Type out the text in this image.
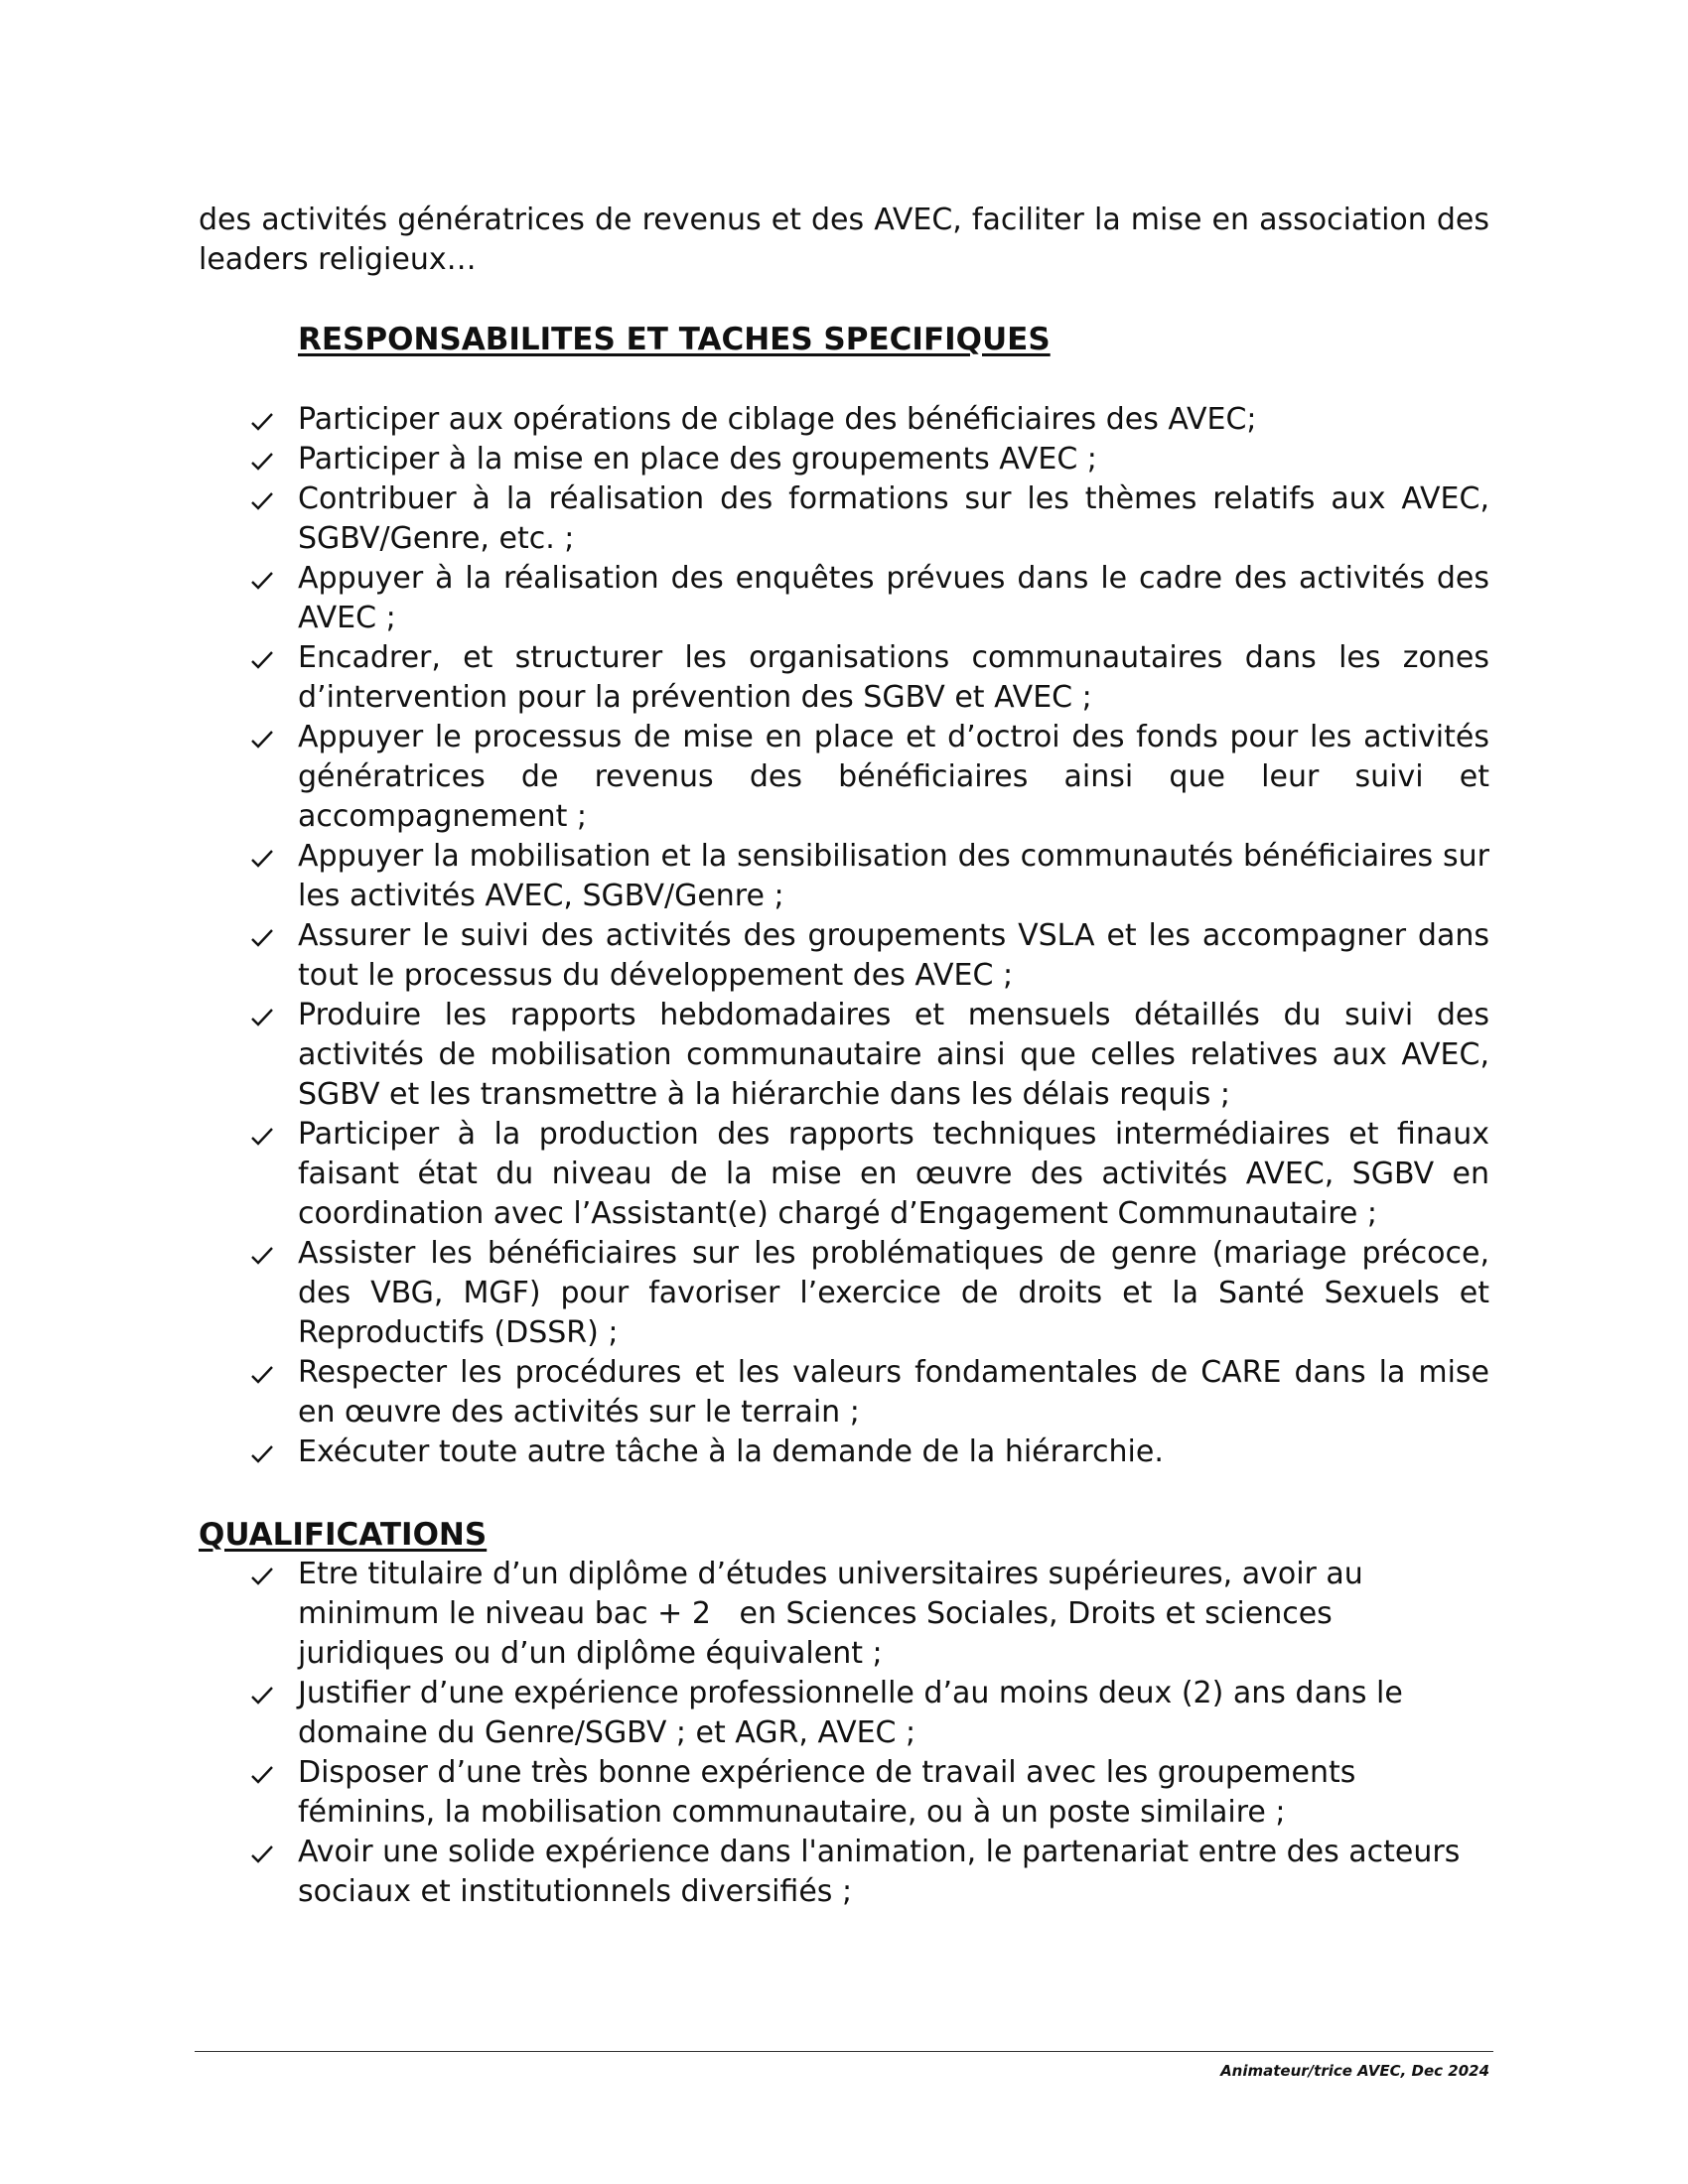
des activités génératrices de revenus et des AVEC, faciliter la mise en association des leaders religieux…

RESPONSABILITES ET TACHES SPECIFIQUES
Participer aux opérations de ciblage des bénéficiaires des AVEC;
Participer à la mise en place des groupements AVEC ;
Contribuer à la réalisation des formations sur les thèmes relatifs aux AVEC, SGBV/Genre, etc. ;
Appuyer à la réalisation des enquêtes prévues dans le cadre des activités des AVEC ;
Encadrer, et structurer les organisations communautaires dans les zones d’intervention pour la prévention des SGBV et AVEC ;
Appuyer le processus de mise en place et d’octroi des fonds pour les activités génératrices de revenus des bénéficiaires ainsi que leur suivi et accompagnement ;
Appuyer la mobilisation et la sensibilisation des communautés bénéficiaires sur les activités AVEC, SGBV/Genre ;
Assurer le suivi des activités des groupements VSLA et les accompagner dans tout le processus du développement des AVEC ;
Produire les rapports hebdomadaires et mensuels détaillés du suivi des activités de mobilisation communautaire ainsi que celles relatives aux AVEC, SGBV et les transmettre à la hiérarchie dans les délais requis ;
Participer à la production des rapports techniques intermédiaires et finaux faisant état du niveau de la mise en œuvre des activités AVEC, SGBV en coordination avec l’Assistant(e) chargé d’Engagement Communautaire ;
Assister les bénéficiaires sur les problématiques de genre (mariage précoce, des VBG, MGF) pour favoriser l’exercice de droits et la Santé Sexuels et Reproductifs (DSSR) ;
Respecter les procédures et les valeurs fondamentales de CARE dans la mise en œuvre des activités sur le terrain ;
Exécuter toute autre tâche à la demande de la hiérarchie.
QUALIFICATIONS
Etre titulaire d’un diplôme d’études universitaires supérieures, avoir au minimum le niveau bac + 2   en Sciences Sociales, Droits et sciences juridiques ou d’un diplôme équivalent ;
Justifier d’une expérience professionnelle d’au moins deux (2) ans dans le domaine du Genre/SGBV ; et AGR, AVEC ;
Disposer d’une très bonne expérience de travail avec les groupements féminins, la mobilisation communautaire, ou à un poste similaire ;
Avoir une solide expérience dans l'animation, le partenariat entre des acteurs sociaux et institutionnels diversifiés ;
Animateur/trice AVEC, Dec 2024
